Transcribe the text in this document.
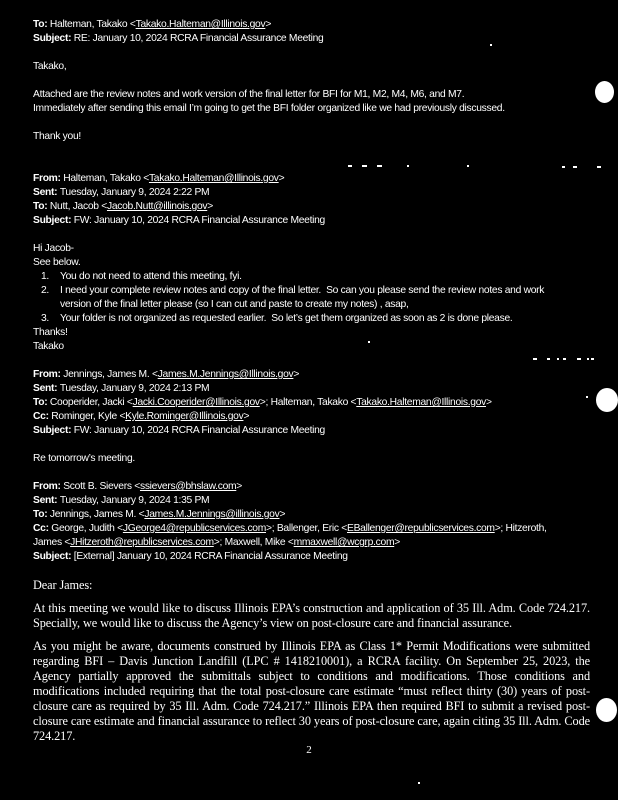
To: Halteman, Takako <Takako.Halteman@Illinois.gov>
Subject: RE: January 10, 2024 RCRA Financial Assurance Meeting
Takako,
Attached are the review notes and work version of the final letter for BFI for M1, M2, M4, M6, and M7.
Immediately after sending this email I’m going to get the BFI folder organized like we had previously discussed.
Thank you!
From: Halteman, Takako <Takako.Halteman@Illinois.gov>
Sent: Tuesday, January 9, 2024 2:22 PM
To: Nutt, Jacob <Jacob.Nutt@illinois.gov>
Subject: FW: January 10, 2024 RCRA Financial Assurance Meeting
Hi Jacob-
See below.
1. You do not need to attend this meeting, fyi.
2. I need your complete review notes and copy of the final letter.  So can you please send the review notes and work
version of the final letter please (so I can cut and paste to create my notes) , asap,
3. Your folder is not organized as requested earlier.  So let’s get them organized as soon as 2 is done please.
Thanks!
Takako
From: Jennings, James M. <James.M.Jennings@Illinois.gov>
Sent: Tuesday, January 9, 2024 2:13 PM
To: Cooperider, Jacki <Jacki.Cooperider@Illinois.gov>; Halteman, Takako <Takako.Halteman@Illinois.gov>
Cc: Rominger, Kyle <Kyle.Rominger@Illinois.gov>
Subject: FW: January 10, 2024 RCRA Financial Assurance Meeting
Re tomorrow’s meeting.
From: Scott B. Sievers <ssievers@bhslaw.com>
Sent: Tuesday, January 9, 2024 1:35 PM
To: Jennings, James M. <James.M.Jennings@illinois.gov>
Cc: George, Judith <JGeorge4@republicservices.com>; Ballenger, Eric <EBallenger@republicservices.com>; Hitzeroth,
James <JHitzeroth@republicservices.com>; Maxwell, Mike <mmaxwell@wcgrp.com>
Subject: [External] January 10, 2024 RCRA Financial Assurance Meeting
Dear James:
At this meeting we would like to discuss Illinois EPA’s construction and application of 35 Ill. Adm. Code 724.217. Specially, we would like to discuss the Agency’s view on post-closure care and financial assurance.
As you might be aware, documents construed by Illinois EPA as Class 1* Permit Modifications were submitted regarding BFI – Davis Junction Landfill (LPC # 1418210001), a RCRA facility. On September 25, 2023, the Agency partially approved the submittals subject to conditions and modifications. Those conditions and modifications included requiring that the total post-closure care estimate “must reflect thirty (30) years of post-closure care as required by 35 Ill. Adm. Code 724.217.” Illinois EPA then required BFI to submit a revised post-closure care estimate and financial assurance to reflect 30 years of post-closure care, again citing 35 Ill. Adm. Code 724.217.
2
